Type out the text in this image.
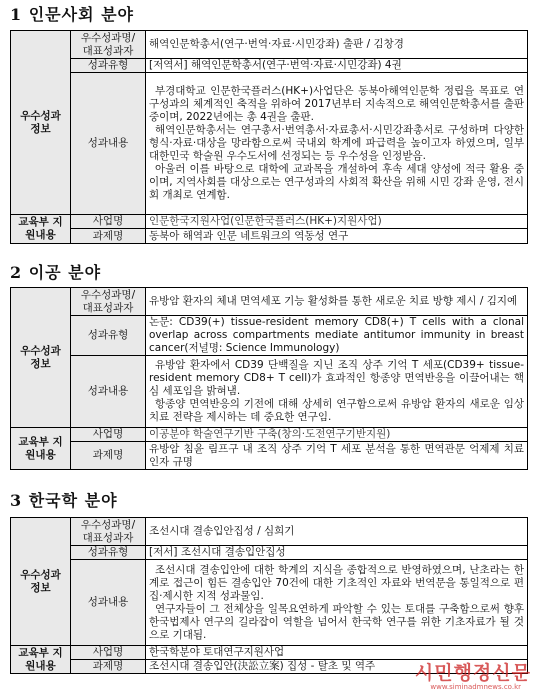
1 인문사회 분야
우수성과
정보	우수성과명/
대표성과자	해역인문학총서(연구·번역·자료·시민강좌) 출판 / 김창경
	성과유형	[저역서] 해역인문학총서(연구·번역·자료·시민강좌) 4권
	성과내용	부경대학교 인문한국플러스(HK+)사업단은 동북아해역인문학 정립을 목표로 연구성과의 체계적인 축적을 위하여 2017년부터 지속적으로 해역인문학총서를 출판중이며, 2022년에는 총 4권을 출판.

해역인문학총서는 연구총서·번역총서·자료총서·시민강좌총서로 구성하며 다양한 형식·자료·대상을 망라함으로써 국내외 학계에 파급력을 높이고자 하였으며, 일부 대한민국 학술원 우수도서에 선정되는 등 우수성을 인정받음.

아울러 이를 바탕으로 대학에 교과목을 개설하여 후속 세대 양성에 적극 활용 중이며, 지역사회를 대상으로는 연구성과의 사회적 확산을 위해 시민 강좌 운영, 전시회 개최로 연계함.

교육부 지
원내용	사업명	인문한국지원사업(인문한국플러스(HK+)지원사업)
	과제명	동북아 해역과 인문 네트워크의 역동성 연구
2 이공 분야
우수성과
정보	우수성과명/
대표성과자	유방암 환자의 체내 면역세포 기능 활성화를 통한 새로운 치료 방향 제시 / 김지예
	성과유형	논문: CD39(+) tissue-resident memory CD8(+) T cells with a clonal overlap across compartments mediate antitumor immunity in breast cancer(저널명: Science Immunology)
	성과내용	유방암 환자에서 CD39 단백질을 지닌 조직 상주 기억 T 세포(CD39+ tissue-resident memory CD8+ T cell)가 효과적인 항종양 면역반응을 이끌어내는 핵심 세포임을 밝혀냄.

항종양 면역반응의 기전에 대해 상세히 연구함으로써 유방암 환자의 새로운 임상 치료 전략을 제시하는 데 중요한 연구임.

교육부 지
원내용	사업명	이공분야 학술연구기반 구축(창의·도전연구기반지원)
	과제명	유방암 침윤 림프구 내 조직 상주 기억 T 세포 분석을 통한 면역관문 억제제 치료 인자 규명
3 한국학 분야
우수성과
정보	우수성과명/
대표성과자	조선시대 결송입안집성 / 심희기
	성과유형	[저서] 조선시대 결송입안집성
	성과내용	조선시대 결송입안에 대한 학계의 지식을 종합적으로 반영하였으며, 난초라는 한계로 접근이 힘든 결송입안 70건에 대한 기초적인 자료와 번역문을 통일적으로 편집·제시한 지적 성과물임.

연구자들이 그 전체상을 일목요연하게 파악할 수 있는 토대를 구축함으로써 향후 한국법제사 연구의 길라잡이 역할을 넘어서 한국학 연구를 위한 기초자료가 될 것으로 기대됨.

교육부 지
원내용	사업명	한국학분야 토대연구지원사업
	과제명	조선시대 결송입안(決訟立案) 집성 - 탈초 및 역주 시민행정신문
www.siminadmnews.co.kr
